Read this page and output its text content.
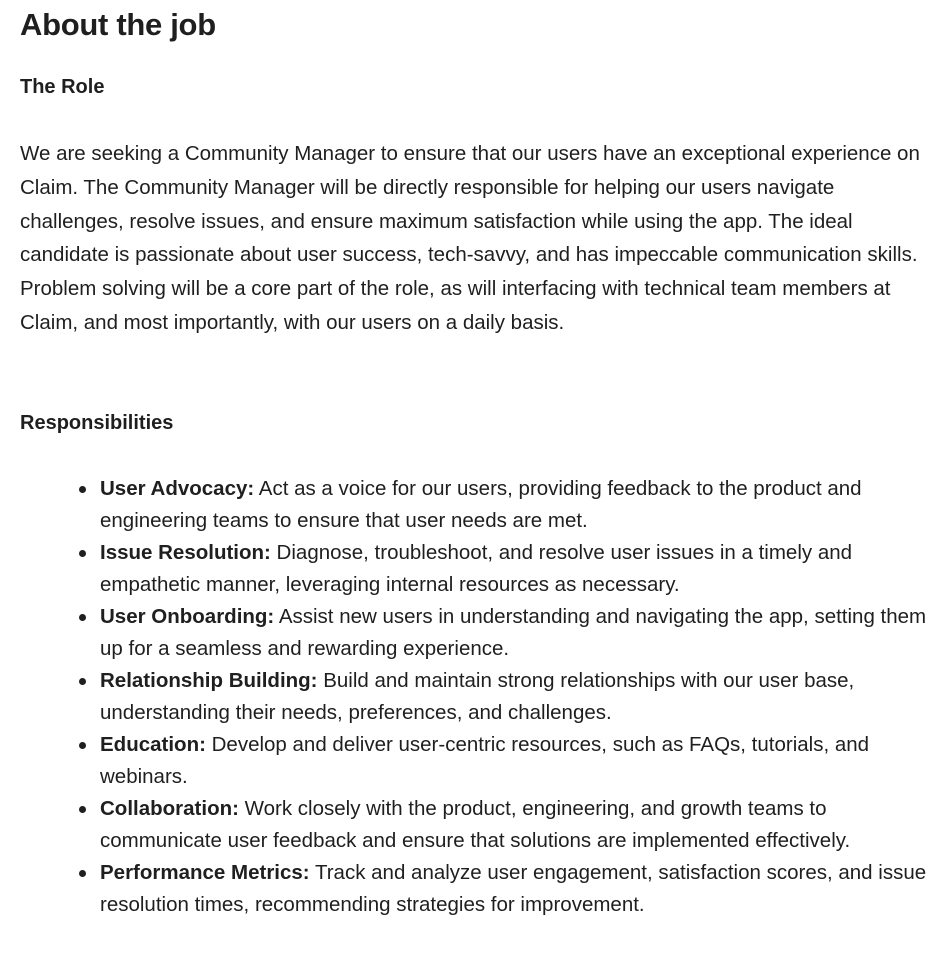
About the job
The Role

We are seeking a Community Manager to ensure that our users have an exceptional experience on Claim. The Community Manager will be directly responsible for helping our users navigate challenges, resolve issues, and ensure maximum satisfaction while using the app. The ideal candidate is passionate about user success, tech-savvy, and has impeccable communication skills. Problem solving will be a core part of the role, as will interfacing with technical team members at Claim, and most importantly, with our users on a daily basis.

Responsibilities
User Advocacy: Act as a voice for our users, providing feedback to the product and engineering teams to ensure that user needs are met.
Issue Resolution: Diagnose, troubleshoot, and resolve user issues in a timely and empathetic manner, leveraging internal resources as necessary.
User Onboarding: Assist new users in understanding and navigating the app, setting them up for a seamless and rewarding experience.
Relationship Building: Build and maintain strong relationships with our user base, understanding their needs, preferences, and challenges.
Education: Develop and deliver user-centric resources, such as FAQs, tutorials, and webinars.
Collaboration: Work closely with the product, engineering, and growth teams to communicate user feedback and ensure that solutions are implemented effectively.
Performance Metrics: Track and analyze user engagement, satisfaction scores, and issue resolution times, recommending strategies for improvement.
